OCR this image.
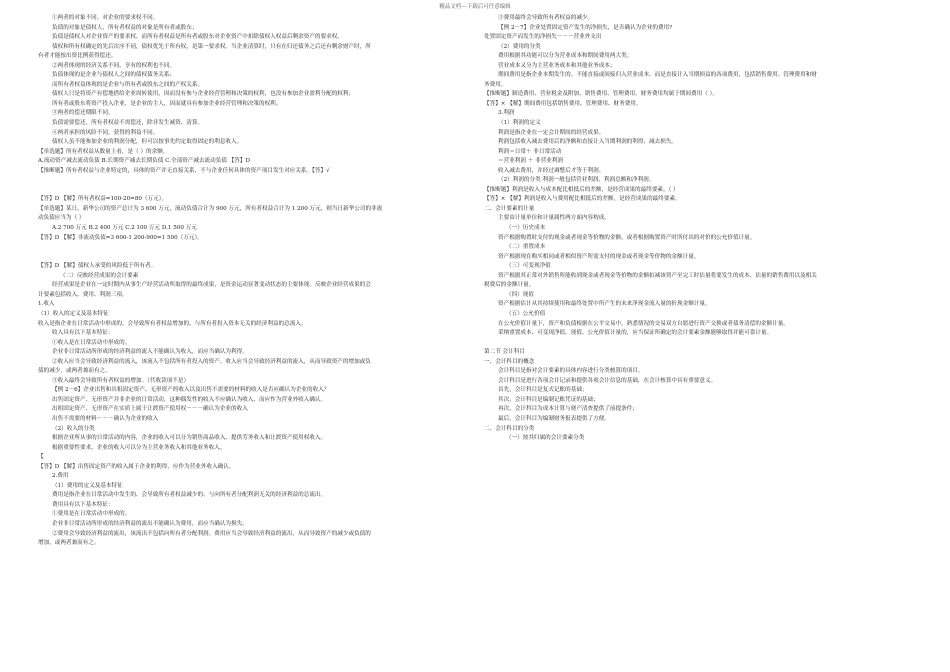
精品文档---下载后可任意编辑
①两者的对象不同。对企业的要求权不同。
负债的对象是债权人，所有者权益的对象是所有者或股东；
负债是债权人对企业资产的要求权，而所有者权益是所有者或股东对企业资产中扣除债权人权益后剩余资产的要求权。
债权和所有权确定的先后次序不同，债权优先于所有权，是第一要求权。当企业清算时，只有在归还债务之后还有剩余财产时，所
有者才能按出资比例获得偿还。
②两者体现的经济关系不同，享有的权利也不同。
负债体现的是企业与债权人之间的债权债务关系；
而所有者权益体现的是企业与所有者或股东之间的产权关系。
债权人只是将资产有偿地借给企业周转使用，因而没有参与企业经营管理和决策的权利，也没有参加企业盈利分配的权利；
所有者或股东将资产投入企业，是企业的主人，因而就具有参加企业经营管理和决策的权利。
③两者的偿还期限不同。
负债需要偿还，所有者权益不需偿还，除非发生减资、清算。
④两者承担的风险不同，获得的利益不同。
债权人虽不能参加企业的利润分配，但可以按事先约定取得固定的利息收入。
【单选题】所有者权益从数量上看，是（ ）的余额。
A.流动资产减去流动负债 B.长期资产减去长期负债 C.全部资产减去流动负债 【答】D
【推断题】所有者权益与企业特定的，具体的资产并无直接关系，不与企业任何具体的资产项目发生对应关系。【答】√

【答】D 【解】所有者权益=100-20=80（万元）。
【单选题】某日，新华公司的资产总计为 3 600 万元，流动负债合计为 900 万元，所有者权益合计为 1 200 万元，则当日新华公司的非流
动负债应当为（ ）
A.2 700 万元 B.2 400 万元 C.2 100 万元 D.1 500 万元
【答】D 【解】非流动负债=3 600-1 200-900=1 500（万元）。

【答】D 【解】债权人承受的风险低于所有者。
（二）反映经营成果的会计要素
经营成果是企业在一定时期内从事生产经营活动所取得的最终成果，是资金运动显著变动状态的主要体现。反映企业经营成果的会
计要素包括收入、费用、利润三项。
1.收入
（1）收入的定义及基本特征
收入是指企业在日常活动中形成的、会导致所有者权益增加的、与所有者投入资本无关的经济利益的总流入。
收入具有以下基本特征：
①收入是在日常活动中形成的。
企业非日常活动所形成的经济利益的流入不能确认为收入，而应当确认为利得。
②收入应当会导致经济利益的流入，该流入不包括所有者投入的资产。收入应当会导致经济利益的流入，从而导致资产的增加或负
债的减少，或两者兼而有之。
③收入最终会导致所有者权益的增加。（代收款项不是）
【例 2－6】企业出售和出租固定资产、无形资产的收入以及出售不需要的材料的收入是否应确认为企业的收入？
出售固定资产、无形资产并非企业的日常活动，这种偶发性的收入不应确认为收入，而应作为营业外收入确认。
出租固定资产、无形资产在实质上属于让渡资产使用权－－－确认为企业的收入
出售不需要的材料－－－确认为企业的收入
（2）收入的分类
根据企业所从事的日常活动的内容，企业的收入可以分为销售商品收入、提供劳务收入和让渡资产使用权收入。
根据重要性要求，企业的收入可以分为主营业务收入和其他业务收入。
【
【答】D 【解】出售固定资产的收入属于企业的利得，应作为营业外收入确认。
2.费用
（1）费用的定义及基本特征
费用是指企业在日常活动中发生的、会导致所有者权益减少的、与向所有者分配利润无关的经济利益的总流出。
费用具有以下基本特征：
①费用是在日常活动中形成的。
企业非日常活动所形成的经济利益的流出不能确认为费用，而应当确认为损失。
②费用会导致经济利益的流出，该流出不包括向所有者分配利润。费用应当会导致经济利益的流出，从而导致资产的减少或负债的
增加，或两者兼而有之。
③费用最终会导致所有者权益的减少。
【例 2－7】企业处置固定资产发生的净损失，是否确认为企业的费用?
处置固定资产而发生的净损失－－－营业外支出
（2）费用的分类
费用根据其功能可以分为营业成本和期间费用两大类。
营业成本又分为主营业务成本和其他业务成本；
期间费用是指企业本期发生的、不能直接或间接归入营业成本，而是直接计入当期损益的各项费用，包括销售费用、管理费用和财
务费用。
【推断题】制造费用、营业税金及附加、销售费用、管理费用、财务费用均属于期间费用（ ）。
【答】× 【解】期间费用包括销售费用、管理费用、财务费用。
3.利润
（1）利润的定义
利润是指企业在一定会计期间的经营成果。
利润包括收入减去费用后的净额和直接计入当期利润的利得、减去损失。
利润＝日常＋ 非日常活动
＝营业利润 ＋ 非营业利润
收入减去费用，并经过调整后才等于利润。
（2）利润的分类 利润一般包括营业利润、利润总额和净利润。
【推断题】利润是收入与成本配比相抵后的差额，是经营成果的最终要素。（ ）
【答】× 【解】利润是收入与费用配比相抵后的差额，是经营成果的最终要素。
二、会计要素的计量
主要由计量单位和计量属性两方面内容构成。
（一）历史成本
资产根据购置时支付的现金或者现金等价物的金额，或者根据购置资产时所付出的对价的公允价值计量。
（二）重置成本
资产根据现在购买相同或者相似资产所需支付的现金或者现金等价物的金额计量。
（三）可变现净值
资产根据其正常对外销售所能收到现金或者现金等价物的金额扣减该资产至完工时估量将要发生的成本、估量的销售费用以及相关
税费后的金额计量。
（四）现值
资产根据估计从其持续使用和最终处置中所产生的未来净现金流入量的折现金额计量。
（五）公允价值
在公允价值计量下，资产和负债根据在公平交易中，熟悉情况的交易双方自愿进行资产交换或者债务清偿的金额计量。
采纳重置成本、可变现净值、现值、公允价值计量的，应当保证所确定的会计要素金额能够取得并能可靠计量。

第二节 会计科目
一、会计科目的概念
会计科目是指对会计要素的具体内容进行分类核算的项目。
会计科目是进行各项会计记录和提供各项会计信息的基础，在会计核算中具有重要意义。
首先，会计科目是复式记账的基础；
其次，会计科目是编制记账凭证的基础；
再次，会计科目为成本计算与财产清查提供了前提条件；
最后，会计科目为编制财务报表提供了方便。
二、会计科目的分类
（一）按其归属的会计要素分类
